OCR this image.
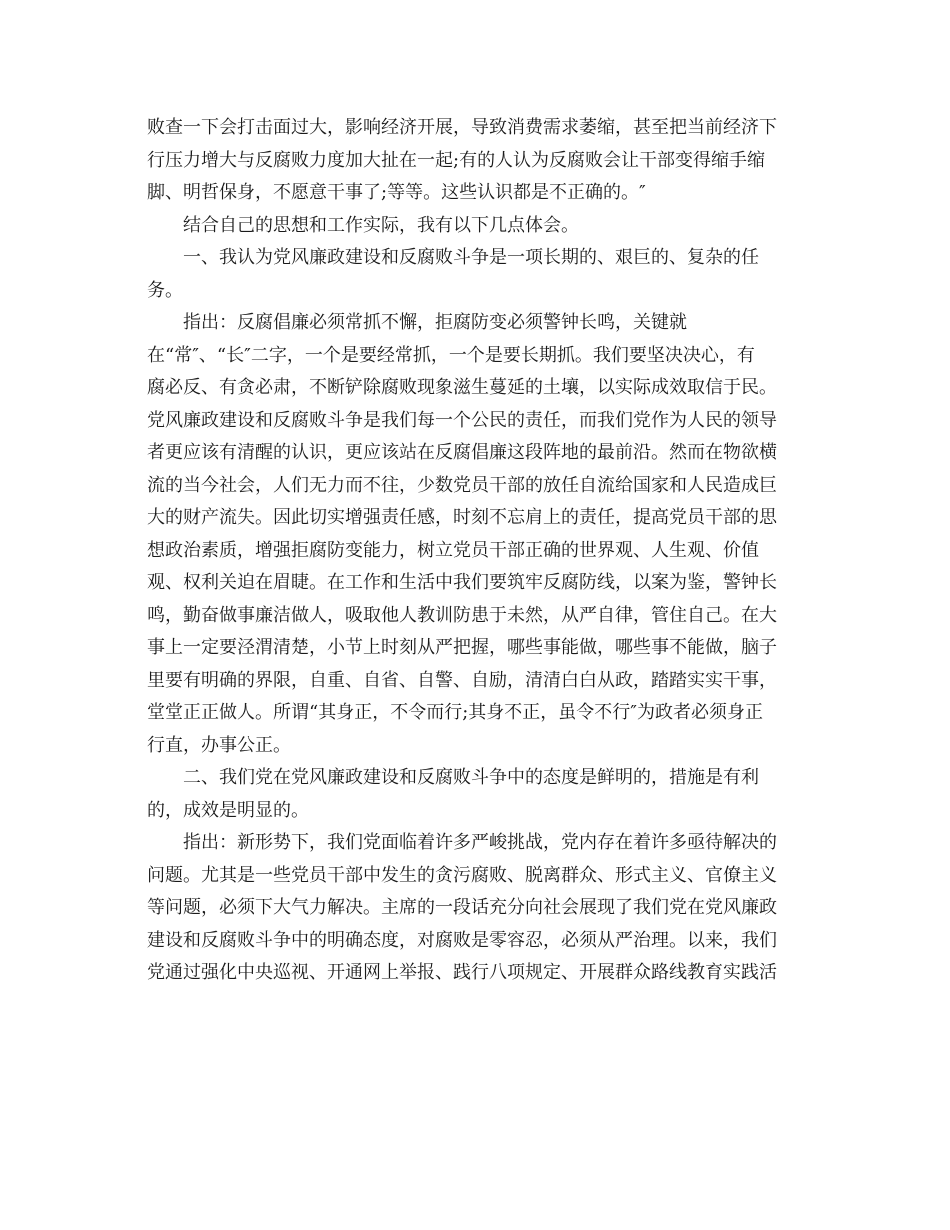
败查一下会打击面过大，影响经济开展，导致消费需求萎缩，甚至把当前经济下
行压力增大与反腐败力度加大扯在一起;有的人认为反腐败会让干部变得缩手缩
脚、明哲保身，不愿意干事了;等等。这些认识都是不正确的。″
结合自己的思想和工作实际，我有以下几点体会。
一、我认为党风廉政建设和反腐败斗争是一项长期的、艰巨的、复杂的任
务。
指出：反腐倡廉必须常抓不懈，拒腐防变必须警钟长鸣，关键就
在“常″、“长″二字，一个是要经常抓，一个是要长期抓。我们要坚决决心，有
腐必反、有贪必肃，不断铲除腐败现象滋生蔓延的土壤，以实际成效取信于民。
党风廉政建设和反腐败斗争是我们每一个公民的责任，而我们党作为人民的领导
者更应该有清醒的认识，更应该站在反腐倡廉这段阵地的最前沿。然而在物欲横
流的当今社会，人们无力而不往，少数党员干部的放任自流给国家和人民造成巨
大的财产流失。因此切实增强责任感，时刻不忘肩上的责任，提高党员干部的思
想政治素质，增强拒腐防变能力，树立党员干部正确的世界观、人生观、价值
观、权利关迫在眉睫。在工作和生活中我们要筑牢反腐防线，以案为鉴，警钟长
鸣，勤奋做事廉洁做人，吸取他人教训防患于未然，从严自律，管住自己。在大
事上一定要泾渭清楚，小节上时刻从严把握，哪些事能做，哪些事不能做，脑子
里要有明确的界限，自重、自省、自警、自励，清清白白从政，踏踏实实干事，
堂堂正正做人。所谓“其身正，不令而行;其身不正，虽令不行″为政者必须身正
行直，办事公正。
二、我们党在党风廉政建设和反腐败斗争中的态度是鲜明的，措施是有利
的，成效是明显的。
指出：新形势下，我们党面临着许多严峻挑战，党内存在着许多亟待解决的
问题。尤其是一些党员干部中发生的贪污腐败、脱离群众、形式主义、官僚主义
等问题，必须下大气力解决。主席的一段话充分向社会展现了我们党在党风廉政
建设和反腐败斗争中的明确态度，对腐败是零容忍，必须从严治理。以来，我们
党通过强化中央巡视、开通网上举报、践行八项规定、开展群众路线教育实践活
